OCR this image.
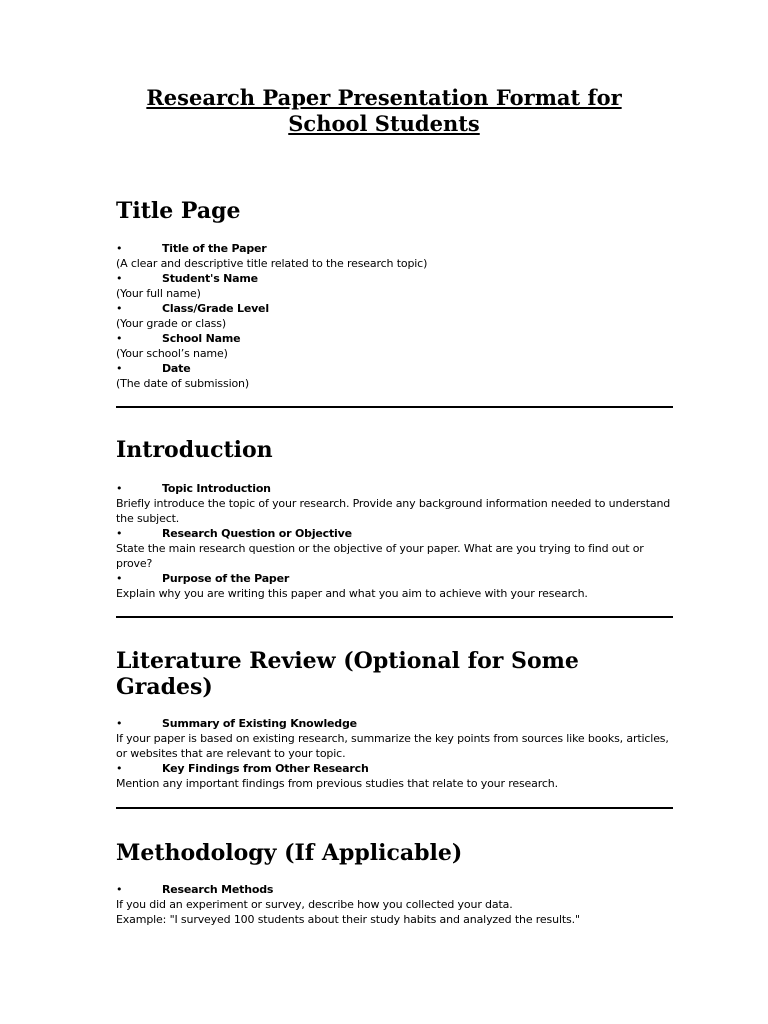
Research Paper Presentation Format for
School Students
Title Page
•	Title of the Paper
(A clear and descriptive title related to the research topic)
•	Student's Name
(Your full name)
•	Class/Grade Level
(Your grade or class)
•	School Name
(Your school’s name)
•	Date
(The date of submission)
Introduction
•	Topic Introduction
Briefly introduce the topic of your research. Provide any background information needed to understand the subject.
•	Research Question or Objective
State the main research question or the objective of your paper. What are you trying to find out or prove?
•	Purpose of the Paper
Explain why you are writing this paper and what you aim to achieve with your research.
Literature Review (Optional for Some
Grades)
•	Summary of Existing Knowledge
If your paper is based on existing research, summarize the key points from sources like books, articles, or websites that are relevant to your topic.
•	Key Findings from Other Research
Mention any important findings from previous studies that relate to your research.
Methodology (If Applicable)
•	Research Methods
If you did an experiment or survey, describe how you collected your data.
Example: "I surveyed 100 students about their study habits and analyzed the results."
